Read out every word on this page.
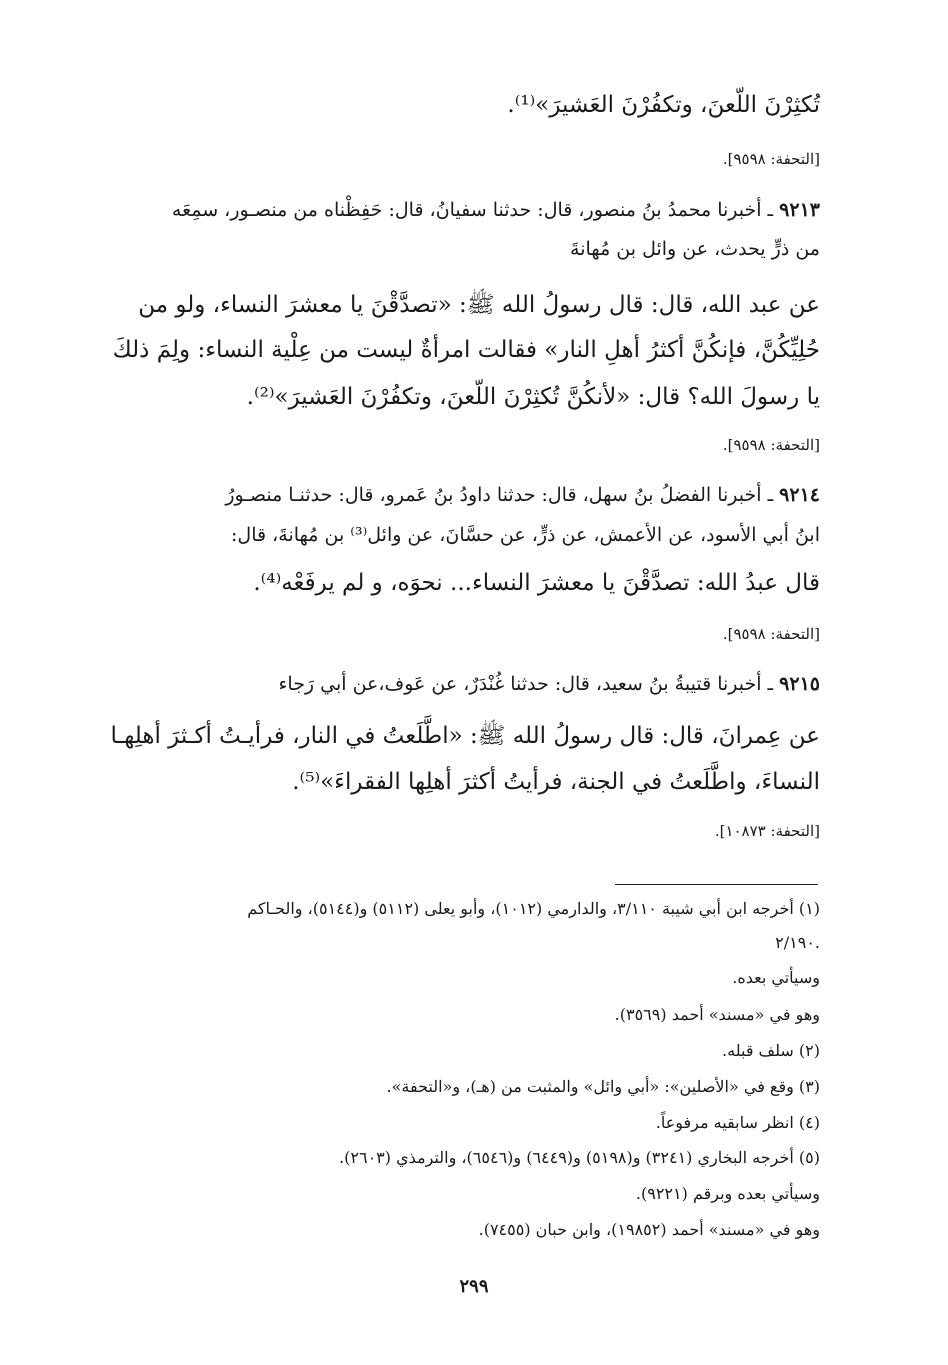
تُكثِرْنَ اللّعنَ، وتكفُرْنَ العَشيرَ»⁽¹⁾.
[التحفة: ٩٥٩٨].
٩٢١٣ ـ أخبرنا محمدُ بنُ منصور، قال: حدثنا سفيانُ، قال: حَفِظْناه من منصـور، سمِعَه
من ذرٍّ يحدث، عن وائل بن مُهانةَ
عن عبد الله، قال: قال رسولُ الله ﷺ: «تصدَّقْنَ يا معشرَ النساء، ولو من
حُلِيِّكُنَّ، فإنكُنَّ أكثرُ أهلِ النار» فقالت امرأةٌ ليست من عِلْية النساء: ولِمَ ذلكَ
يا رسولَ الله؟ قال: «لأنكُنَّ تُكثِرْنَ اللّعنَ، وتكفُرْنَ العَشيرَ»⁽²⁾.
[التحفة: ٩٥٩٨].
٩٢١٤ ـ أخبرنا الفضلُ بنُ سهل، قال: حدثنا داودُ بنُ عَمرو، قال: حدثنـا منصـورُ
ابنُ أبي الأسود، عن الأعمش، عن ذرٍّ، عن حسَّانَ، عن وائل⁽³⁾ بن مُهانةَ، قال:
قال عبدُ الله: تصدَّقْنَ يا معشرَ النساء... نحوَه، و لم يرفَعْه⁽⁴⁾.
[التحفة: ٩٥٩٨].
٩٢١٥ ـ أخبرنا قتيبةُ بنُ سعيد، قال: حدثنا غُنْدَرٌ، عن عَوف،عن أبي رَجاء
عن عِمرانَ، قال: قال رسولُ الله ﷺ: «اطَّلَعتُ في النار، فرأيـتُ أكـثرَ أهلِهـا
النساءَ، واطَّلَعتُ في الجنة، فرأيتُ أكثرَ أهلِها الفقراءَ»⁽⁵⁾.
[التحفة: ١٠٨٧٣].
(١) أخرجه ابن أبي شيبة ٣/١١٠، والدارمي (١٠١٢)، وأبو يعلى (٥١١٢) و(٥١٤٤)، والحـاكم
٢/١٩٠.
وسيأتي بعده.
وهو في «مسند» أحمد (٣٥٦٩).
(٢) سلف قبله.
(٣) وقع في «الأصلين»: «أبي وائل» والمثبت من (هـ)، و«التحفة».
(٤) انظر سابقيه مرفوعاً.
(٥) أخرجه البخاري (٣٢٤١) و(٥١٩٨) و(٦٤٤٩) و(٦٥٤٦)، والترمذي (٢٦٠٣).
وسيأتي بعده وبرقم (٩٢٢١).
وهو في «مسند» أحمد (١٩٨٥٢)، وابن حبان (٧٤٥٥).
٢٩٩
